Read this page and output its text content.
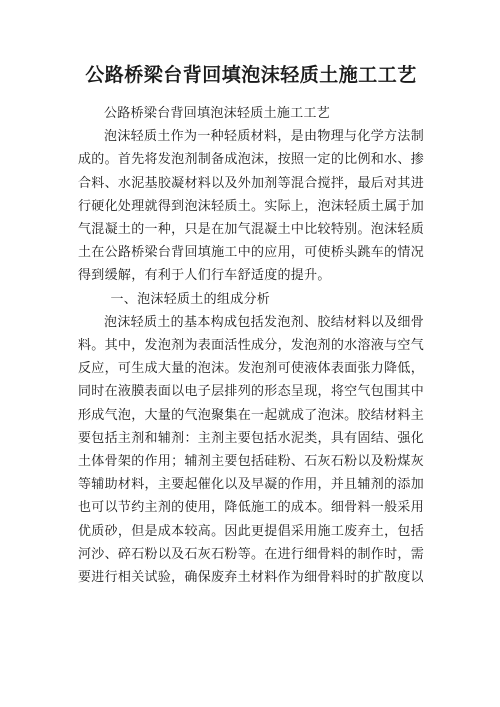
公路桥梁台背回填泡沫轻质土施工工艺

公路桥梁台背回填泡沫轻质土施工工艺

泡沫轻质土作为一种轻质材料，是由物理与化学方法制成的。首先将发泡剂制备成泡沫，按照一定的比例和水、掺合料、水泥基胶凝材料以及外加剂等混合搅拌，最后对其进行硬化处理就得到泡沫轻质土。实际上，泡沫轻质土属于加气混凝土的一种，只是在加气混凝土中比较特别。泡沫轻质土在公路桥梁台背回填施工中的应用，可使桥头跳车的情况得到缓解，有利于人们行车舒适度的提升。

一、泡沫轻质土的组成分析

泡沫轻质土的基本构成包括发泡剂、胶结材料以及细骨料。其中，发泡剂为表面活性成分，发泡剂的水溶液与空气反应，可生成大量的泡沫。发泡剂可使液体表面张力降低，同时在液膜表面以电子层排列的形态呈现，将空气包围其中形成气泡，大量的气泡聚集在一起就成了泡沫。胶结材料主要包括主剂和辅剂：主剂主要包括水泥类，具有固结、强化土体骨架的作用；辅剂主要包括硅粉、石灰石粉以及粉煤灰等辅助材料，主要起催化以及早凝的作用，并且辅剂的添加也可以节约主剂的使用，降低施工的成本。细骨料一般采用优质砂，但是成本较高。因此更提倡采用施工废弃土，包括河沙、碎石粉以及石灰石粉等。在进行细骨料的制作时，需要进行相关试验，确保废弃土材料作为细骨料时的扩散度以
